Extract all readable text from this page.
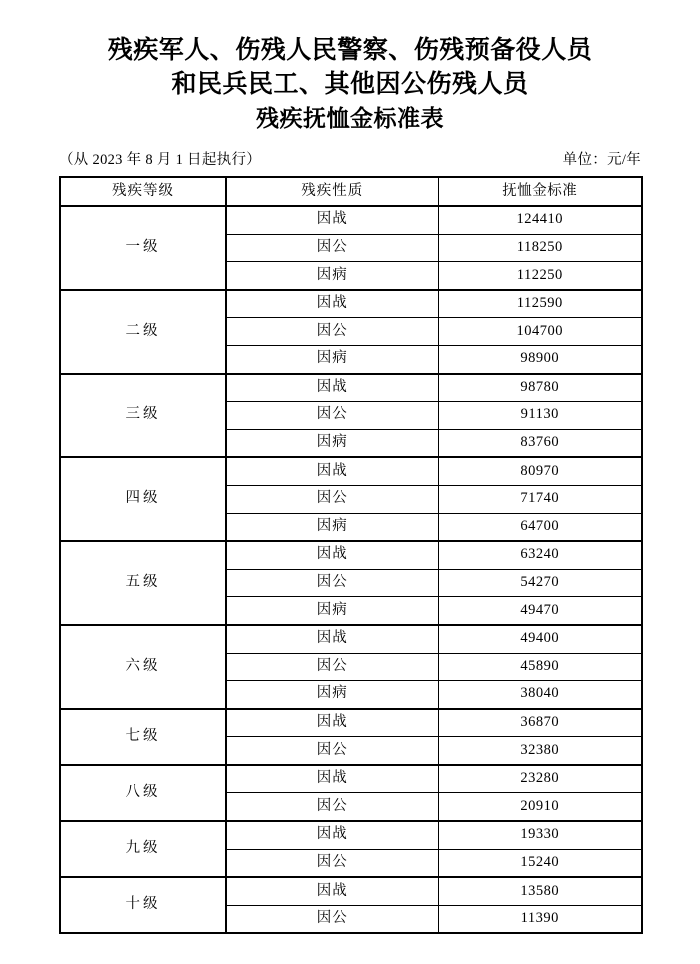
残疾军人、伤残人民警察、伤残预备役人员
和民兵民工、其他因公伤残人员
残疾抚恤金标准表
（从 2023 年 8 月 1 日起执行）	单位：元/年
残疾等级	残疾性质	抚恤金标准
一级	因战	124410
	因公	118250
	因病	112250
二级	因战	112590
	因公	104700
	因病	98900
三级	因战	98780
	因公	91130
	因病	83760
四级	因战	80970
	因公	71740
	因病	64700
五级	因战	63240
	因公	54270
	因病	49470
六级	因战	49400
	因公	45890
	因病	38040
七级	因战	36870
	因公	32380
八级	因战	23280
	因公	20910
九级	因战	19330
	因公	15240
十级	因战	13580
	因公	11390
